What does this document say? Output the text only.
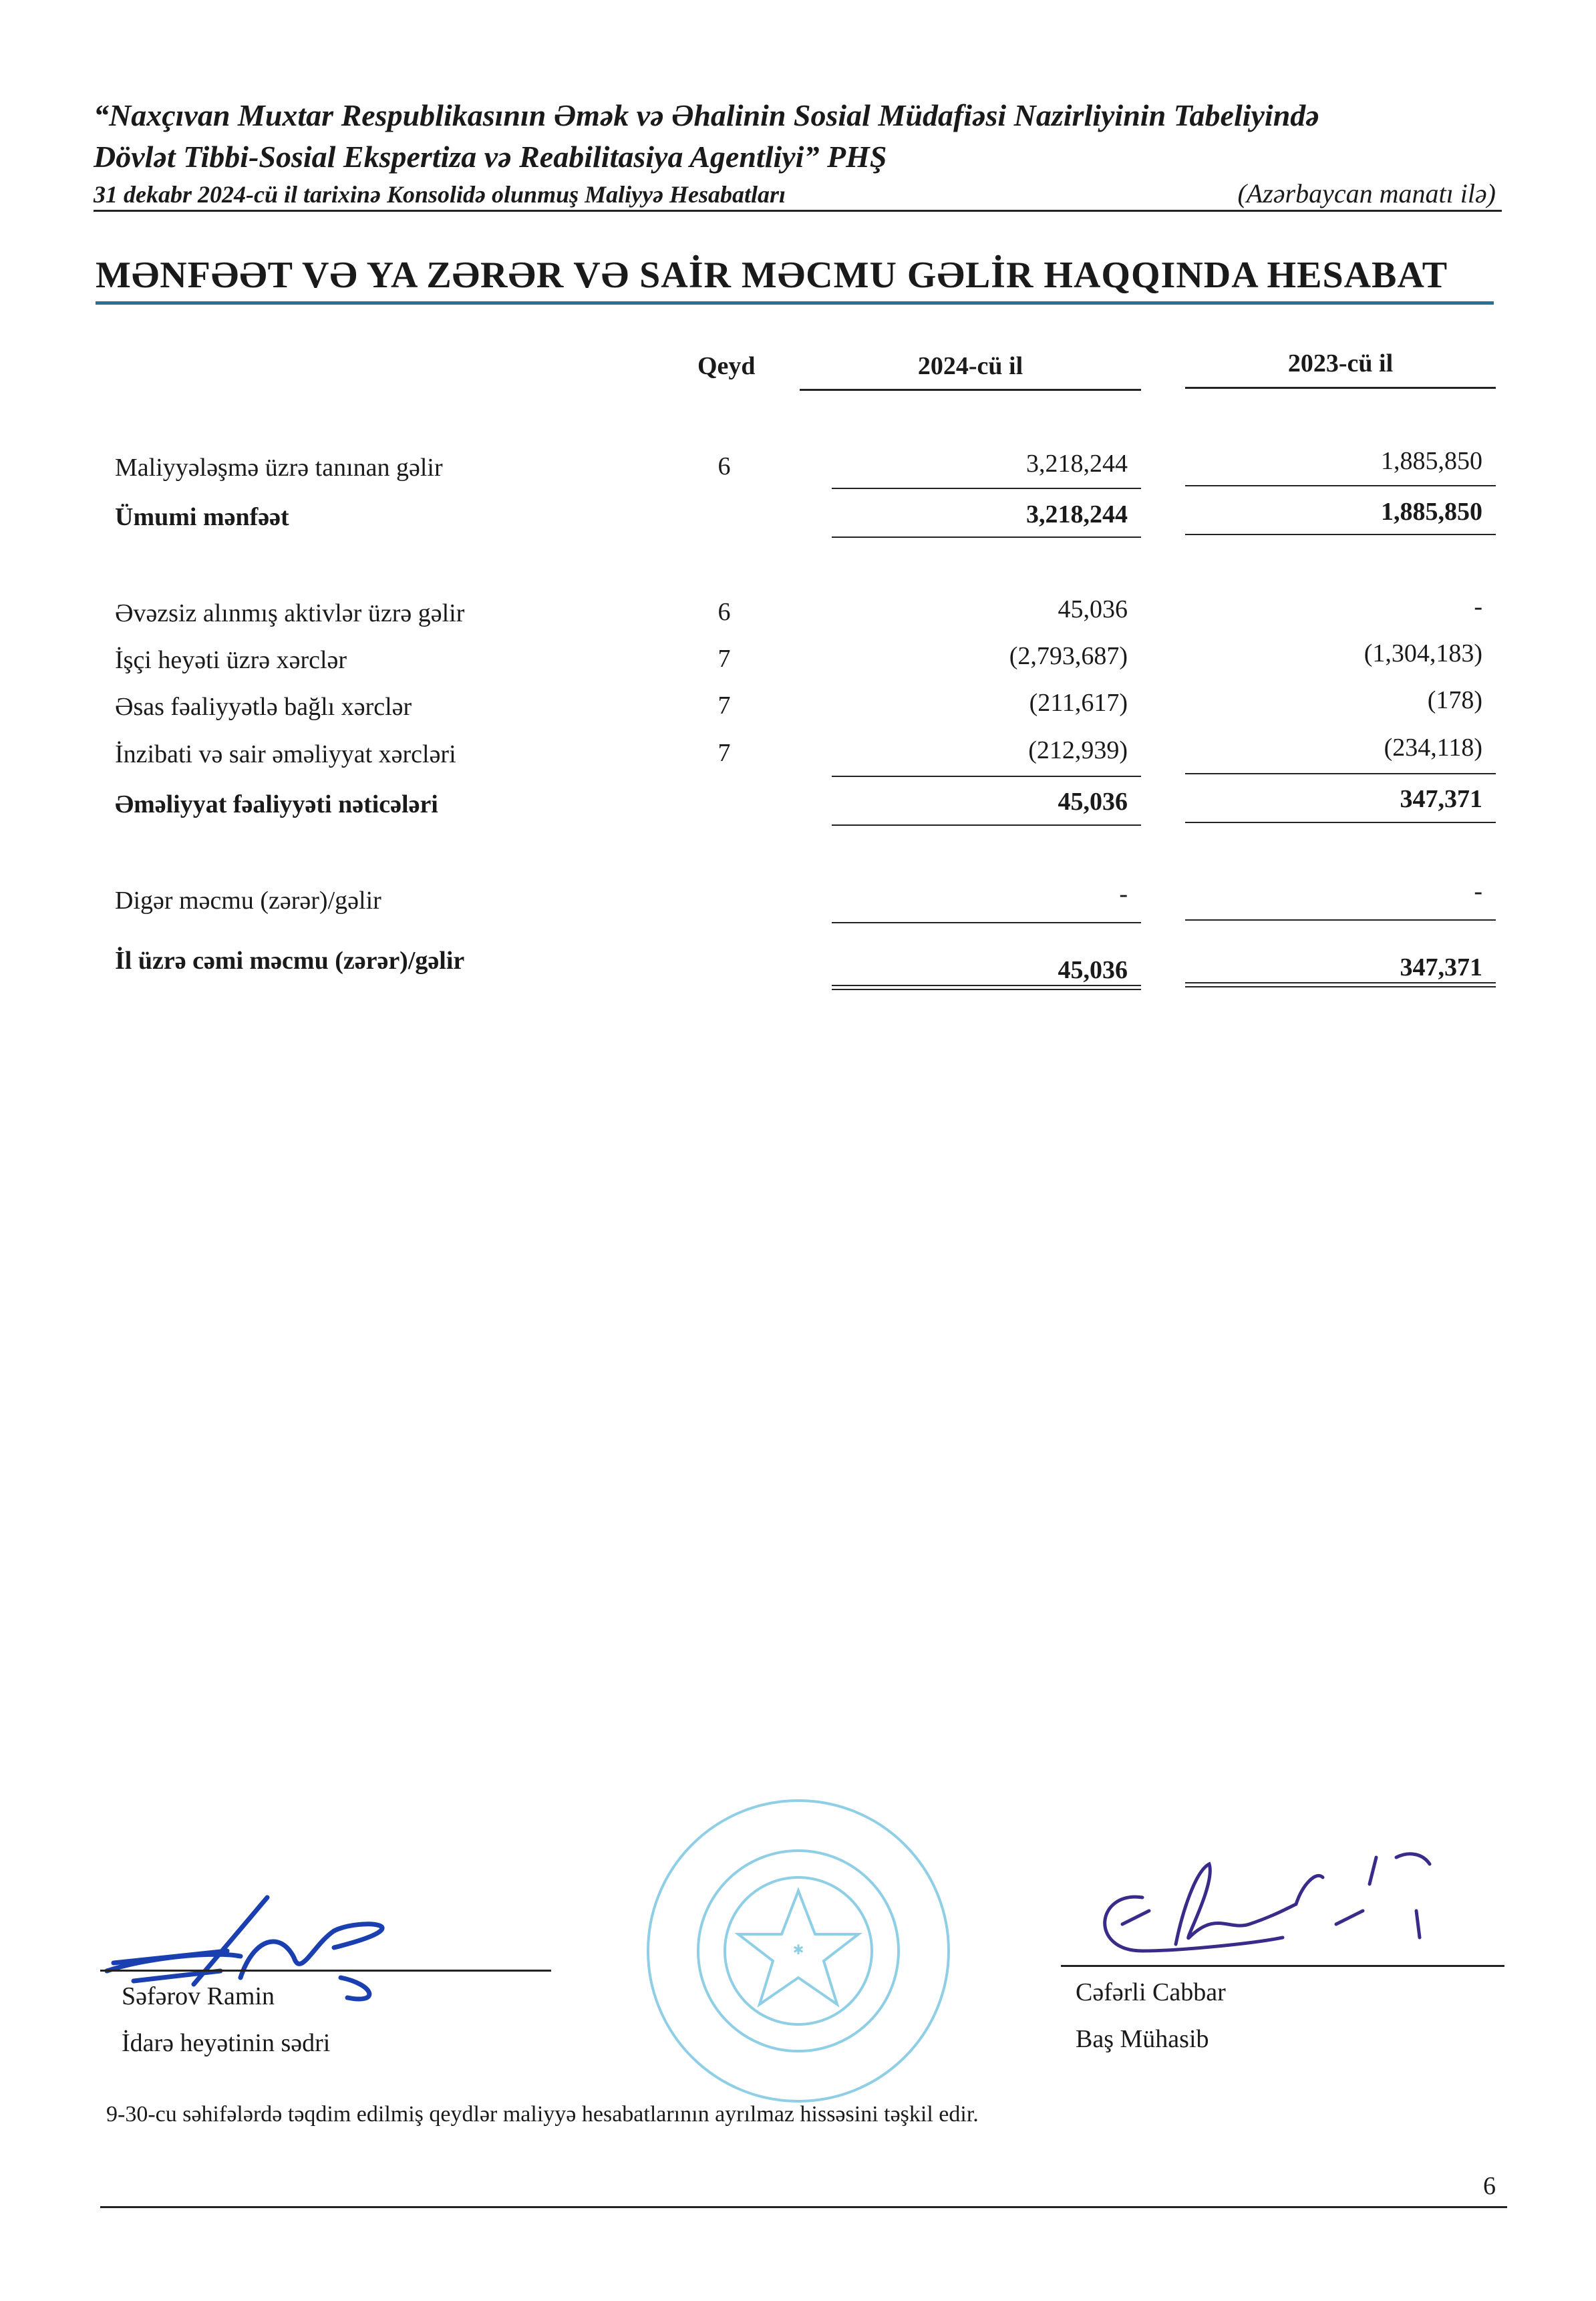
“Naxçıvan Muxtar Respublikasının Əmək və Əhalinin Sosial Müdafiəsi Nazirliyinin Tabeliyində
Dövlət Tibbi-Sosial Ekspertiza və Reabilitasiya Agentliyi” PHŞ
31 dekabr 2024-cü il tarixinə Konsolidə olunmuş Maliyyə Hesabatları	(Azərbaycan manatı ilə)
MƏNFƏƏT VƏ YA ZƏRƏR VƏ SAİR MƏCMU GƏLİR HAQQINDA HESABAT
Qeyd	2024-cü il	2023-cü il
Maliyyələşmə üzrə tanınan gəlir	6	3,218,244	1,885,850
Ümumi mənfəət	3,218,244	1,885,850
Əvəzsiz alınmış aktivlər üzrə gəlir	6	45,036	-
İşçi heyəti üzrə xərclər	7	(2,793,687)	(1,304,183)
Əsas fəaliyyətlə bağlı xərclər	7	(211,617)	(178)
İnzibati və sair əməliyyat xərcləri	7	(212,939)	(234,118)
Əməliyyat fəaliyyəti nəticələri	45,036	347,371
Digər məcmu (zərər)/gəlir	-	-
İl üzrə cəmi məcmu (zərər)/gəlir	45,036	347,371
Səfərov Ramin
İdarə heyətinin sədri
✱
Cəfərli Cabbar
Baş Mühasib
9-30-cu səhifələrdə təqdim edilmiş qeydlər maliyyə hesabatlarının ayrılmaz hissəsini təşkil edir.
6
